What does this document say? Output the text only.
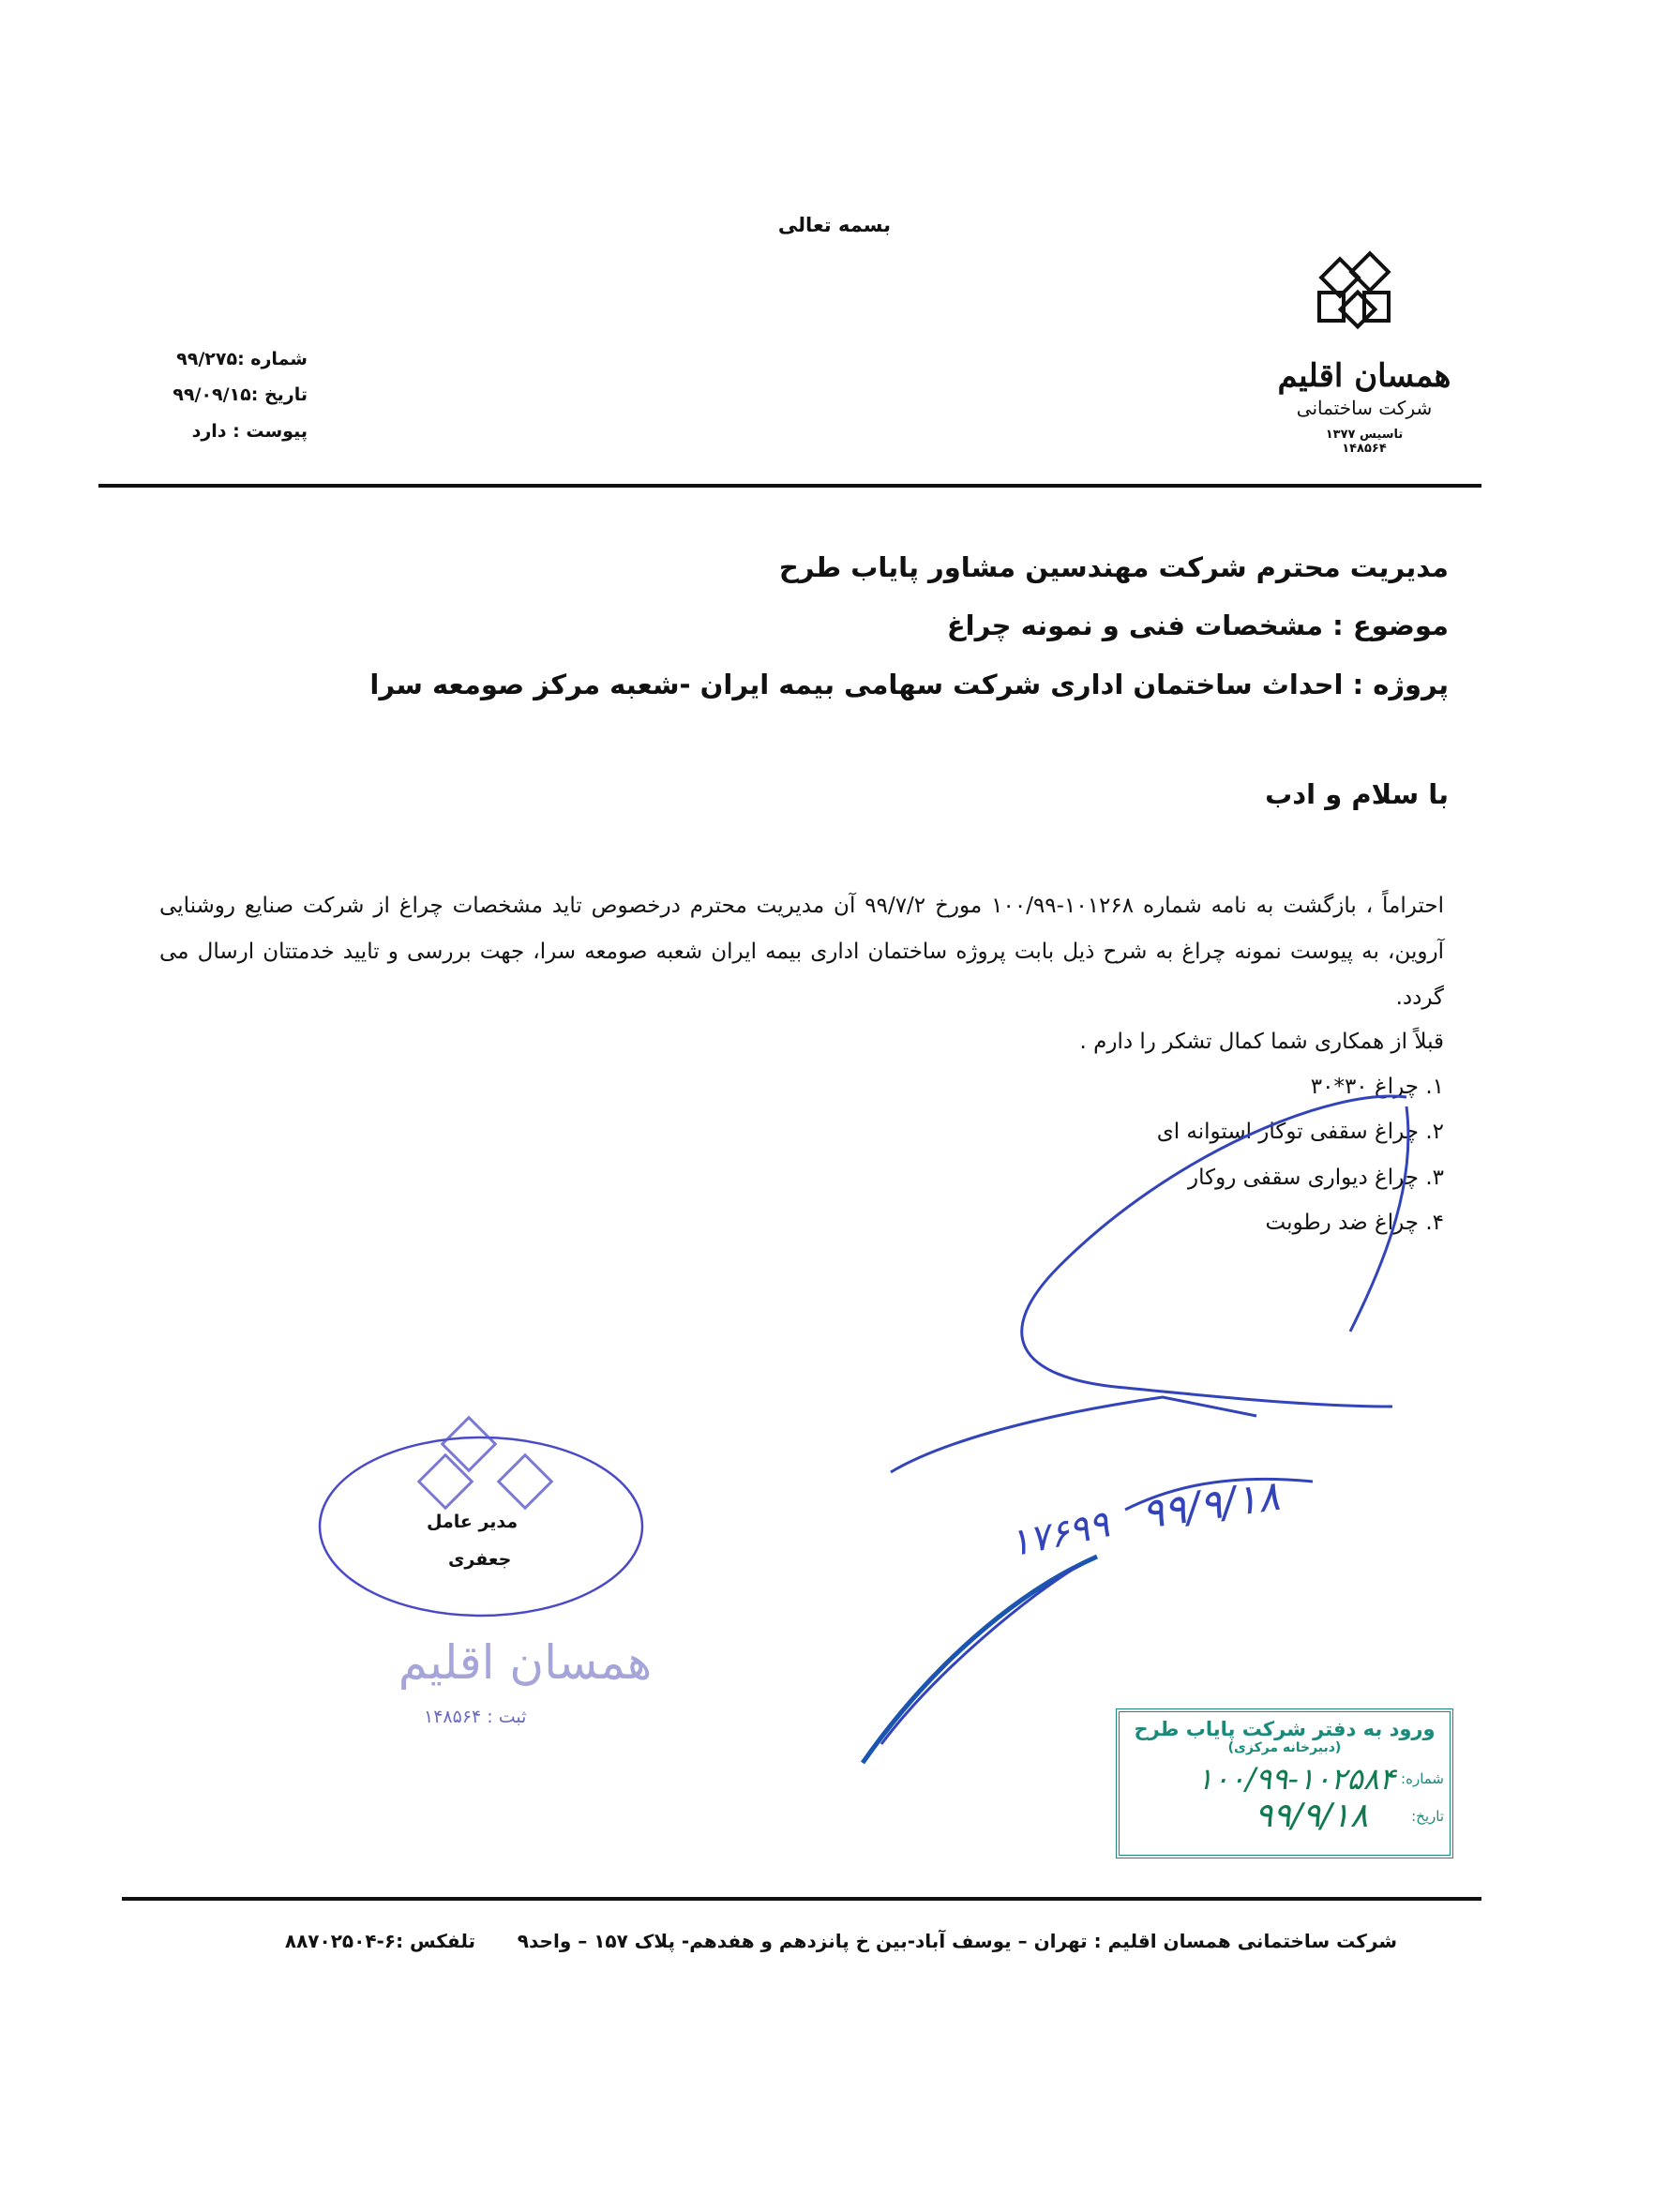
بسمه تعالی
همسان اقلیم
شرکت ساختمانی
تاسیس ۱۳۷۷
۱۴۸۵۶۴
شماره :۹۹/۲۷۵
تاریخ :۹۹/۰۹/۱۵
پیوست : دارد
مدیریت محترم شرکت مهندسین مشاور پایاب طرح
موضوع : مشخصات فنی و نمونه چراغ
پروژه : احداث ساختمان اداری شرکت سهامی بیمه ایران -شعبه مرکز صومعه سرا
با سلام و ادب
احتراماً ، بازگشت به نامه شماره ۱۰۱۲۶۸-۱۰۰/۹۹ مورخ ۹۹/۷/۲ آن مدیریت محترم درخصوص تاید مشخصات چراغ از شرکت صنایع روشنایی آروین، به پیوست نمونه چراغ به شرح ذیل بابت پروژه ساختمان اداری بیمه ایران شعبه صومعه سرا، جهت بررسی و تایید خدمتتان ارسال می گردد.
قبلاً از همکاری شما کمال تشکر را دارم .
۱. چراغ ۳۰*۳۰
۲. چراغ سقفی توکار استوانه ای
۳. چراغ دیواری سقفی روکار
۴. چراغ ضد رطوبت
۱۷۶۹۹ ۹۹/۹/۱۸
همسان اقلیم
مدیر عامل
جعفری
ثبت : ۱۴۸۵۶۴
ورود به دفتر شرکت پایاب طرح
(دبیرخانه مرکزی)
شماره:
۱۰۰/۹۹-۱۰۲۵۸۴
تاریخ:
۹۹/۹/۱۸
شرکت ساختمانی همسان اقلیم : تهران – یوسف آباد-بین خ پانزدهم و هفدهم- پلاک ۱۵۷ – واحد۹
تلفکس :۶-۸۸۷۰۲۵۰۴
